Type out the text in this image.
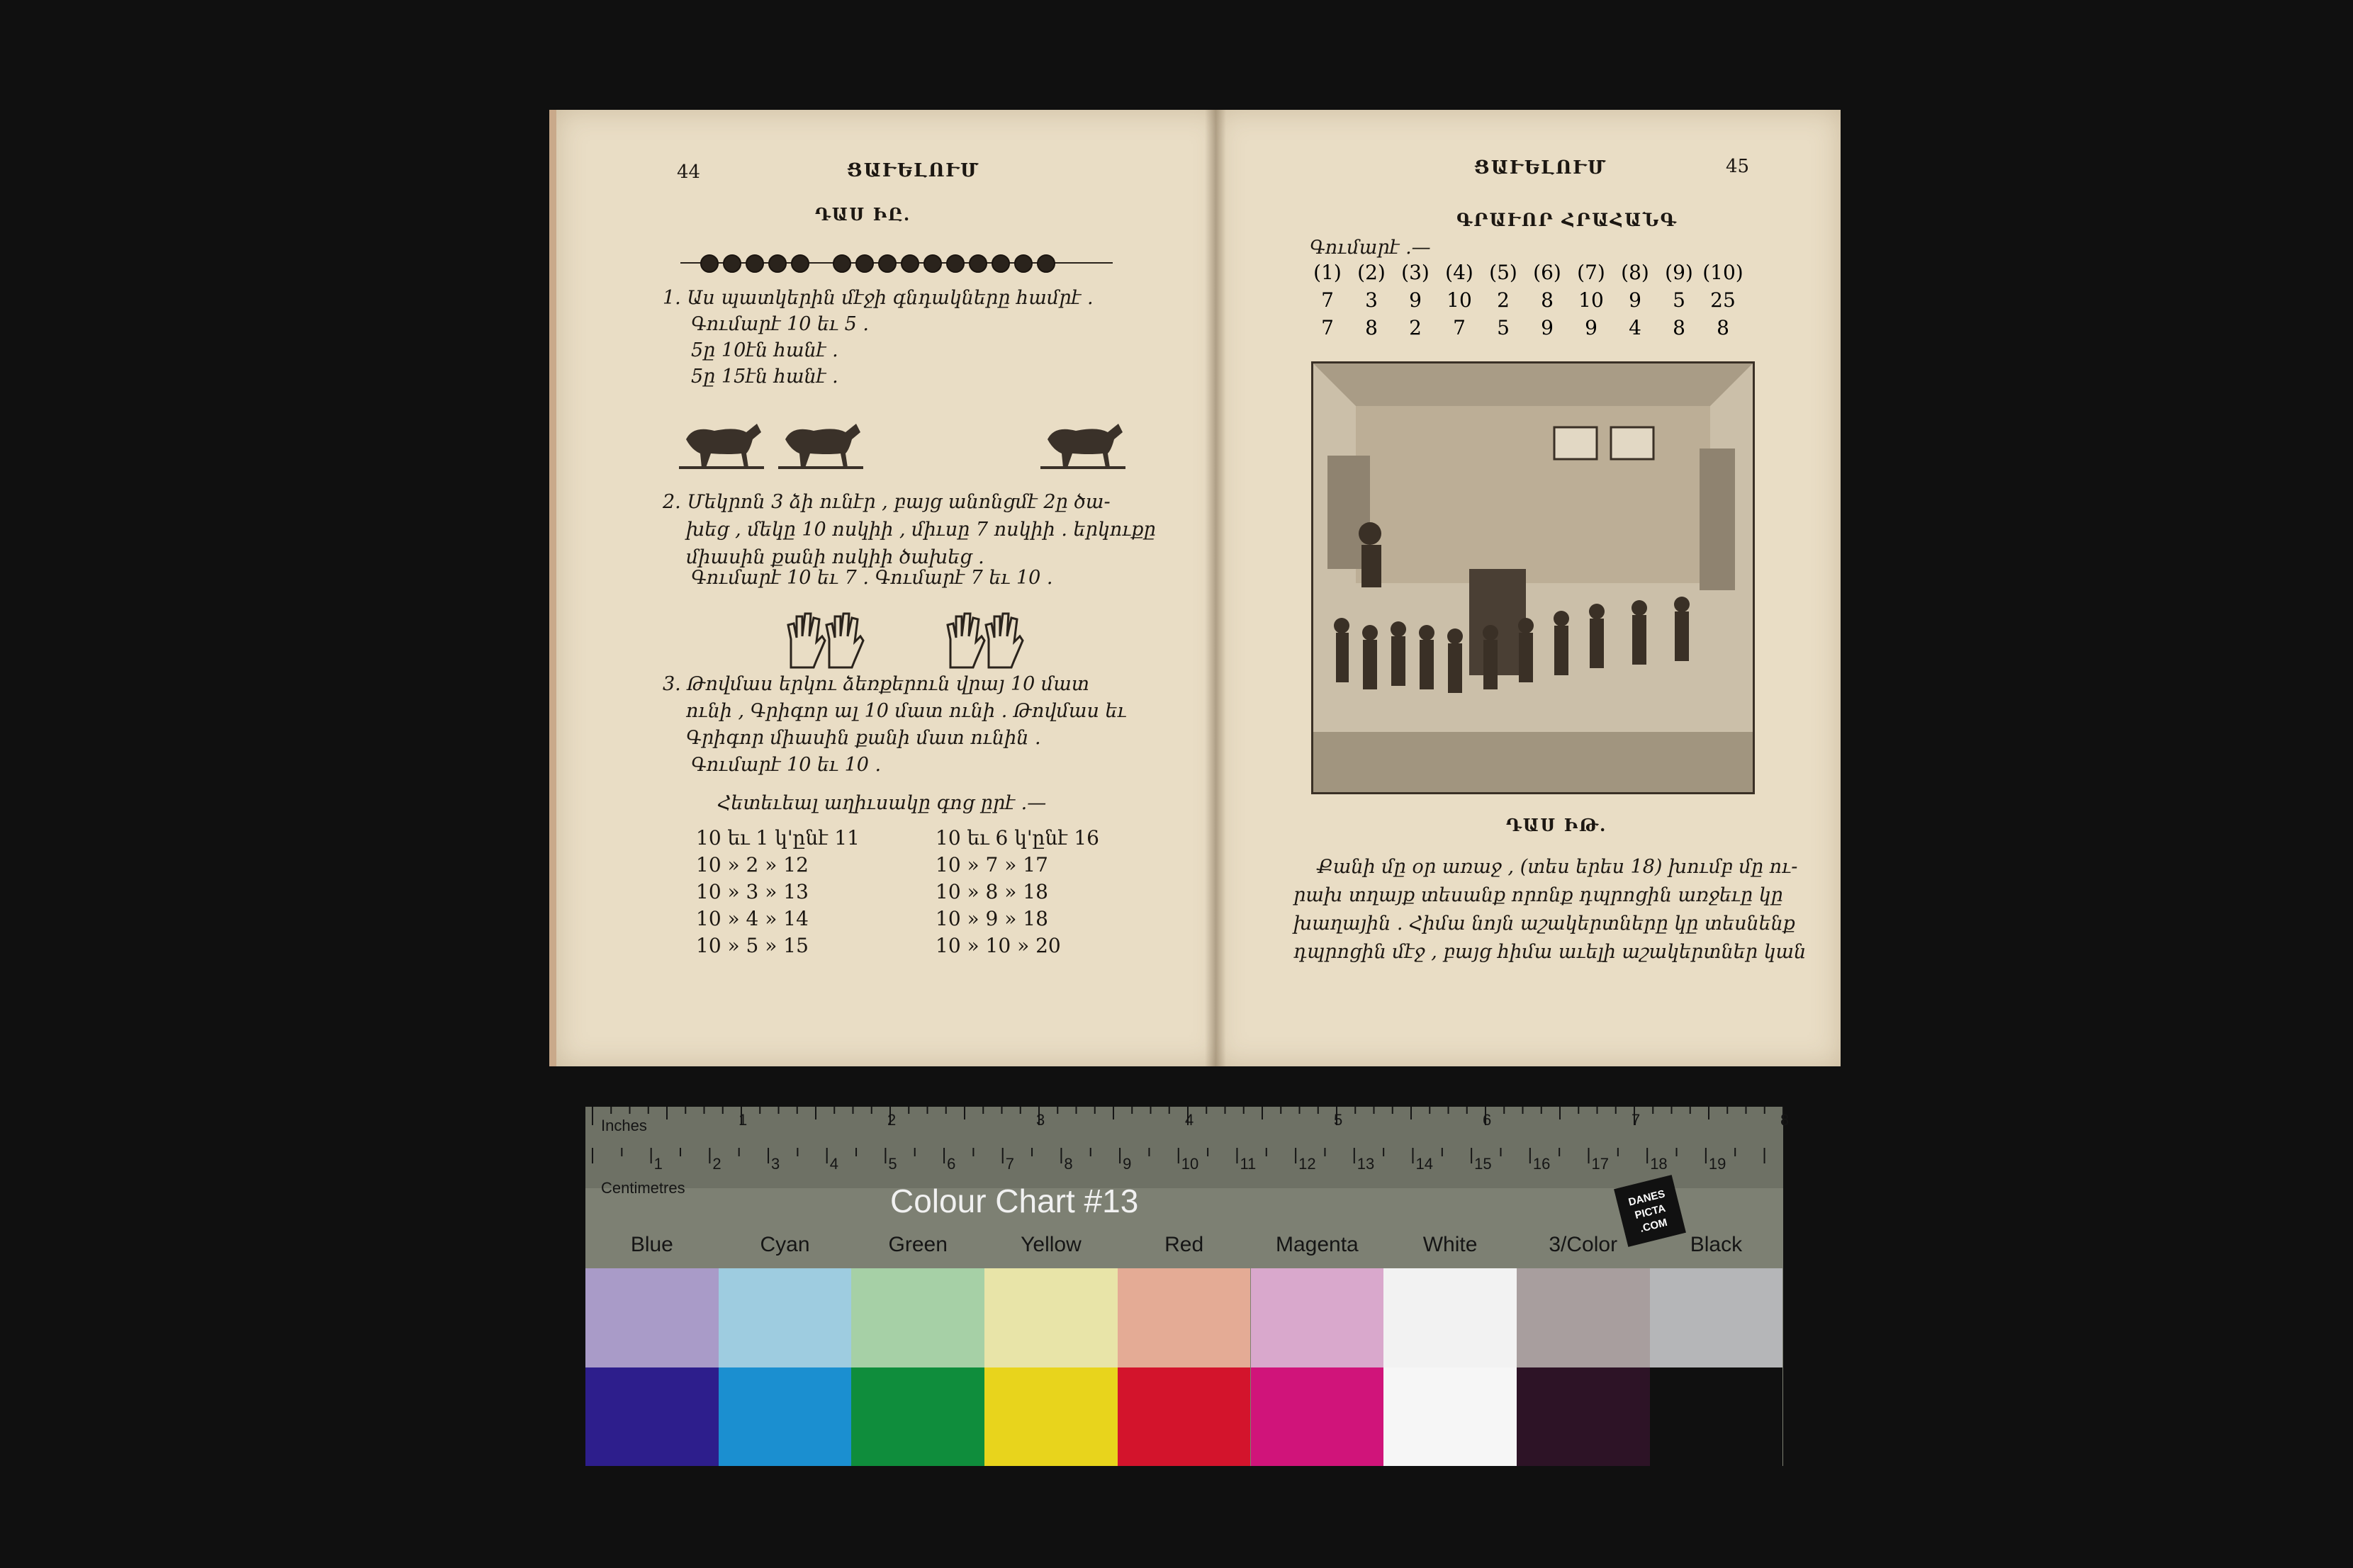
44	ՑԱՒԵԼՈՒՄ
ԴԱՍ ԻԸ.
1. Աս պատկերին մէջի գնդակները համրէ .
Գումարէ 10 եւ 5 .
5ը 10էն հանէ .
5ը 15էն հանէ .
2. Մեկրոն 3 ձի ունէր , բայց անոնցմէ 2ը ծա-
խեց , մեկը 10 ոսկիի , միւսը 7 ոսկիի . երկուքը
միասին քանի ոսկիի ծախեց .
Գումարէ 10 եւ 7 . Գումարէ 7 եւ 10 .
3. Թովմաս երկու ձեռքերուն վրայ 10 մատ
ունի , Գրիգոր ալ 10 մատ ունի . Թովմաս եւ
Գրիգոր միասին քանի մատ ունին .
Գումարէ 10 եւ 10 .
Հետեւեալ աղիւսակը գոց ըրէ .—
10 եւ 1 կ'ընէ 11
10 » 2 » 12
10 » 3 » 13
10 » 4 » 14
10 » 5 » 15
10 եւ 6 կ'ընէ 16
10 » 7 » 17
10 » 8 » 18
10 » 9 » 18
10 » 10 » 20
ՑԱՒԵԼՈՒՄ	45
ԳՐԱՒՈՐ ՀՐԱՀԱՆԳ
Գումարէ .—
(1) (2) (3) (4) (5) (6) (7) (8) (9) (10)
7	3	9	10	2	8	10	9	5	25
7	8	2	7	5	9	9	4	8	8
ԴԱՍ ԻԹ.
Քանի մը օր առաջ , (տես երես 18) խումբ մը ու-
րախ տղայք տեսանք որոնք դպրոցին առջեւը կը
խաղային . Հիմա նոյն աշակերտները կը տեսնենք
դպրոցին մէջ , բայց հիմա աւելի աշակերտներ կան
1	2	3	4	5	6	7	8
1	2	3	4	5	6	7	8	9	10	11	12	13	14	15	16	17	18	19
Inches
Centimetres	Colour Chart #13	DANES PICTA .COM
Blue	Cyan	Green	Yellow	Red	Magenta	White	3/Color	Black
